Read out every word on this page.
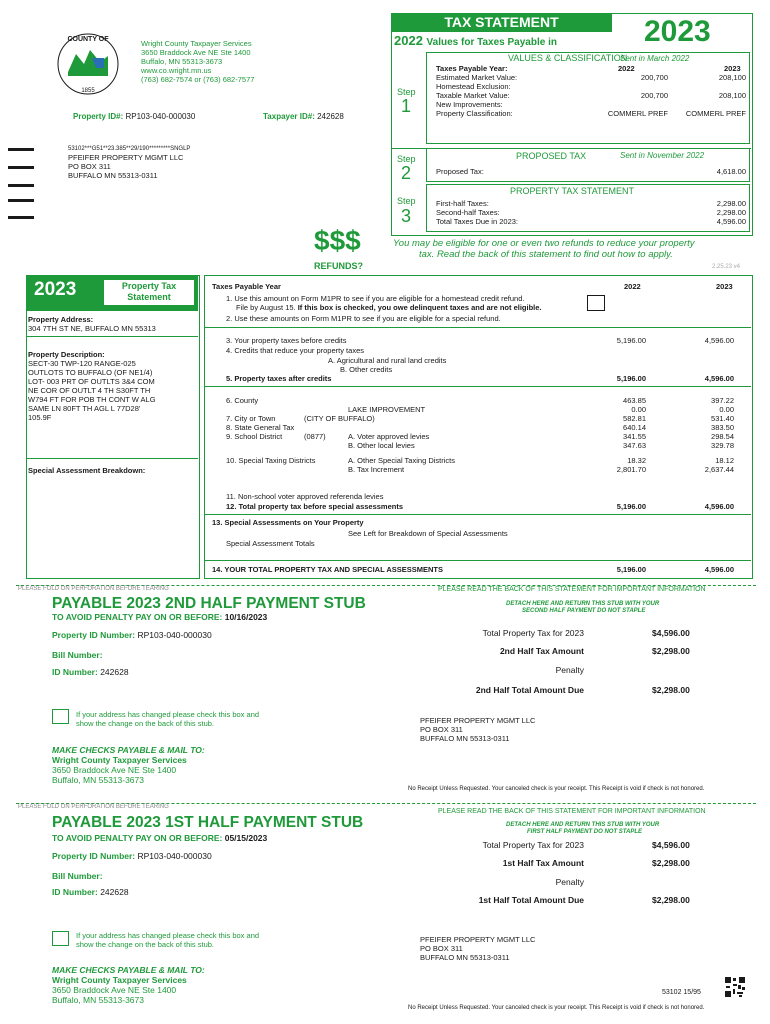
COUNTY OF
1855
Wright County Taxpayer Services
3650 Braddock Ave NE Ste 1400
Buffalo, MN 55313-3673
www.co.wright.mn.us
(763) 682-7574 or (763) 682-7577
Property ID#: RP103-040-000030	Taxpayer ID#: 242628
53102***G51**23.385**29/190*********SNGLP
PFEIFER PROPERTY MGMT LLC
PO BOX 311
BUFFALO MN 55313-0311
TAX STATEMENT	2023
2022 Values for Taxes Payable in
Step
1
VALUES & CLASSIFICATION
Sent in March 2022
Taxes Payable Year:	2022	2023
Estimated Market Value:	200,700	208,100
Homestead Exclusion:
Taxable Market Value:	200,700	208,100
New Improvements:
Property Classification:	COMMERL PREF	COMMERL PREF
Step
2
PROPOSED TAX	Sent in November 2022
Proposed Tax:	4,618.00
Step
3
PROPERTY TAX STATEMENT
First-half Taxes:	2,298.00
Second-half Taxes:	2,298.00
Total Taxes Due in 2023:	4,596.00
$$$
REFUNDS?
You may be eligible for one or even two refunds to reduce your property
tax. Read the back of this statement to find out how to apply.
2.25.23 v4
2023	Property Tax
Statement
Property Address:
304 7TH ST NE, BUFFALO MN 55313
Property Description:
SECT-30 TWP-120 RANGE-025
OUTLOTS TO BUFFALO (OF NE1/4)
LOT- 003 PRT OF OUTLTS 3&4 COM
NE COR OF OUTLT 4 TH S30FT TH
W794 FT FOR POB TH CONT W ALG
SAME LN 80FT TH AGL L 77D28'
105.9F
Special Assessment Breakdown:
Taxes Payable Year	2022	2023
1. Use this amount on Form M1PR to see if you are eligible for a homestead credit refund.
File by August 15. If this box is checked, you owe delinquent taxes and are not eligible.
2. Use these amounts on Form M1PR to see if you are eligible for a special refund.
3. Your property taxes before credits	5,196.00	4,596.00
4. Credits that reduce your property taxes
A. Agricultural and rural land credits
B. Other credits
5. Property taxes after credits	5,196.00	4,596.00
6. County	463.85	397.22
LAKE IMPROVEMENT	0.00	0.00
7. City or Town	(CITY OF BUFFALO)	582.81	531.40
8. State General Tax	640.14	383.50
9. School District	(0877)	A. Voter approved levies	341.55	298.54
B. Other local levies	347.63	329.78
10. Special Taxing Districts	A. Other Special Taxing Districts	18.32	18.12
B. Tax Increment	2,801.70	2,637.44
11. Non-school voter approved referenda levies
12. Total property tax before special assessments	5,196.00	4,596.00
13. Special Assessments on Your Property
See Left for Breakdown of Special Assessments
Special Assessment Totals
14. YOUR TOTAL PROPERTY TAX AND SPECIAL ASSESSMENTS	5,196.00	4,596.00
PLEASE FOLD ON PERFORATION BEFORE TEARING	PLEASE READ THE BACK OF THIS STATEMENT FOR IMPORTANT INFORMATION
PAYABLE 2023 2ND HALF PAYMENT STUB
TO AVOID PENALTY PAY ON OR BEFORE: 10/16/2023
DETACH HERE AND RETURN THIS STUB WITH YOUR
SECOND HALF PAYMENT DO NOT STAPLE
Property ID Number: RP103-040-000030
Bill Number:
ID Number: 242628
Total Property Tax for 2023	$4,596.00
2nd Half Tax Amount	$2,298.00
Penalty
2nd Half Total Amount Due	$2,298.00
If your address has changed please check this box and
show the change on the back of this stub.	PFEIFER PROPERTY MGMT LLC
PO BOX 311
BUFFALO MN 55313-0311
MAKE CHECKS PAYABLE & MAIL TO:
Wright County Taxpayer Services
3650 Braddock Ave NE Ste 1400
Buffalo, MN 55313-3673
No Receipt Unless Requested. Your canceled check is your receipt. This Receipt is void if check is not honored.
PLEASE FOLD ON PERFORATION BEFORE TEARING
PLEASE READ THE BACK OF THIS STATEMENT FOR IMPORTANT INFORMATION
PAYABLE 2023 1ST HALF PAYMENT STUB
TO AVOID PENALTY PAY ON OR BEFORE: 05/15/2023
DETACH HERE AND RETURN THIS STUB WITH YOUR
FIRST HALF PAYMENT DO NOT STAPLE
Property ID Number: RP103-040-000030
Bill Number:
ID Number: 242628
Total Property Tax for 2023	$4,596.00
1st Half Tax Amount	$2,298.00
Penalty
1st Half Total Amount Due	$2,298.00
If your address has changed please check this box and
show the change on the back of this stub.
PFEIFER PROPERTY MGMT LLC
PO BOX 311
BUFFALO MN 55313-0311
MAKE CHECKS PAYABLE & MAIL TO:
Wright County Taxpayer Services
3650 Braddock Ave NE Ste 1400
Buffalo, MN 55313-3673
53102 15/95
No Receipt Unless Requested. Your canceled check is your receipt. This Receipt is void if check is not honored.
